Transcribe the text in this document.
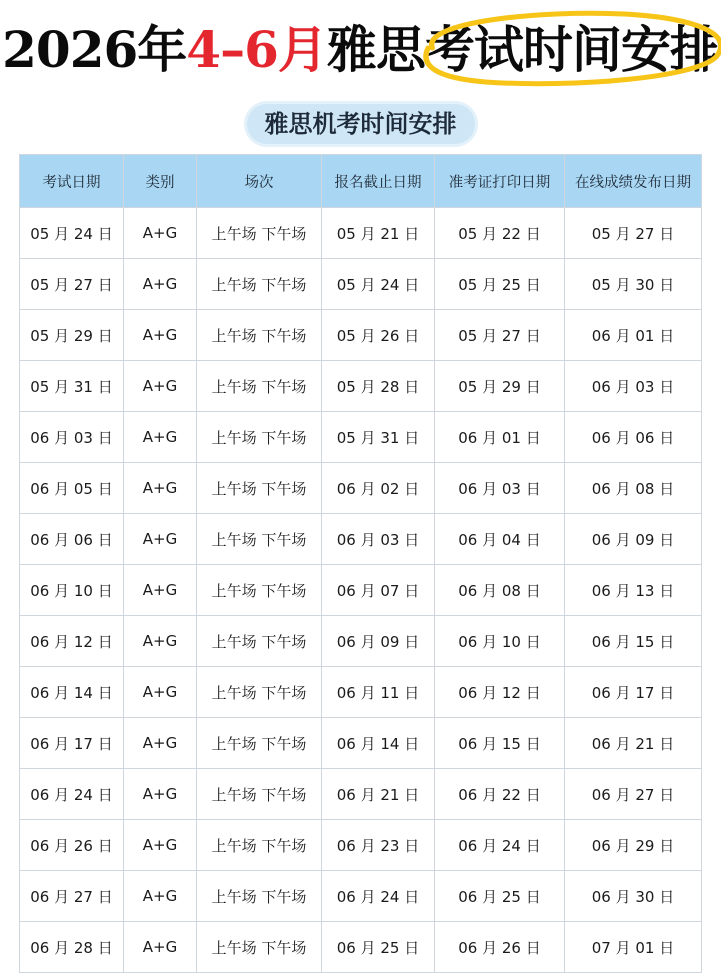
2026年4–6月雅思考试时间安排
雅思机考时间安排
考试日期	类别	场次	报名截止日期	准考证打印日期	在线成绩发布日期
05 月 24 日	A+G	上午场 下午场	05 月 21 日	05 月 22 日	05 月 27 日
05 月 27 日	A+G	上午场 下午场	05 月 24 日	05 月 25 日	05 月 30 日
05 月 29 日	A+G	上午场 下午场	05 月 26 日	05 月 27 日	06 月 01 日
05 月 31 日	A+G	上午场 下午场	05 月 28 日	05 月 29 日	06 月 03 日
06 月 03 日	A+G	上午场 下午场	05 月 31 日	06 月 01 日	06 月 06 日
06 月 05 日	A+G	上午场 下午场	06 月 02 日	06 月 03 日	06 月 08 日
06 月 06 日	A+G	上午场 下午场	06 月 03 日	06 月 04 日	06 月 09 日
06 月 10 日	A+G	上午场 下午场	06 月 07 日	06 月 08 日	06 月 13 日
06 月 12 日	A+G	上午场 下午场	06 月 09 日	06 月 10 日	06 月 15 日
06 月 14 日	A+G	上午场 下午场	06 月 11 日	06 月 12 日	06 月 17 日
06 月 17 日	A+G	上午场 下午场	06 月 14 日	06 月 15 日	06 月 21 日
06 月 24 日	A+G	上午场 下午场	06 月 21 日	06 月 22 日	06 月 27 日
06 月 26 日	A+G	上午场 下午场	06 月 23 日	06 月 24 日	06 月 29 日
06 月 27 日	A+G	上午场 下午场	06 月 24 日	06 月 25 日	06 月 30 日
06 月 28 日	A+G	上午场 下午场	06 月 25 日	06 月 26 日	07 月 01 日
